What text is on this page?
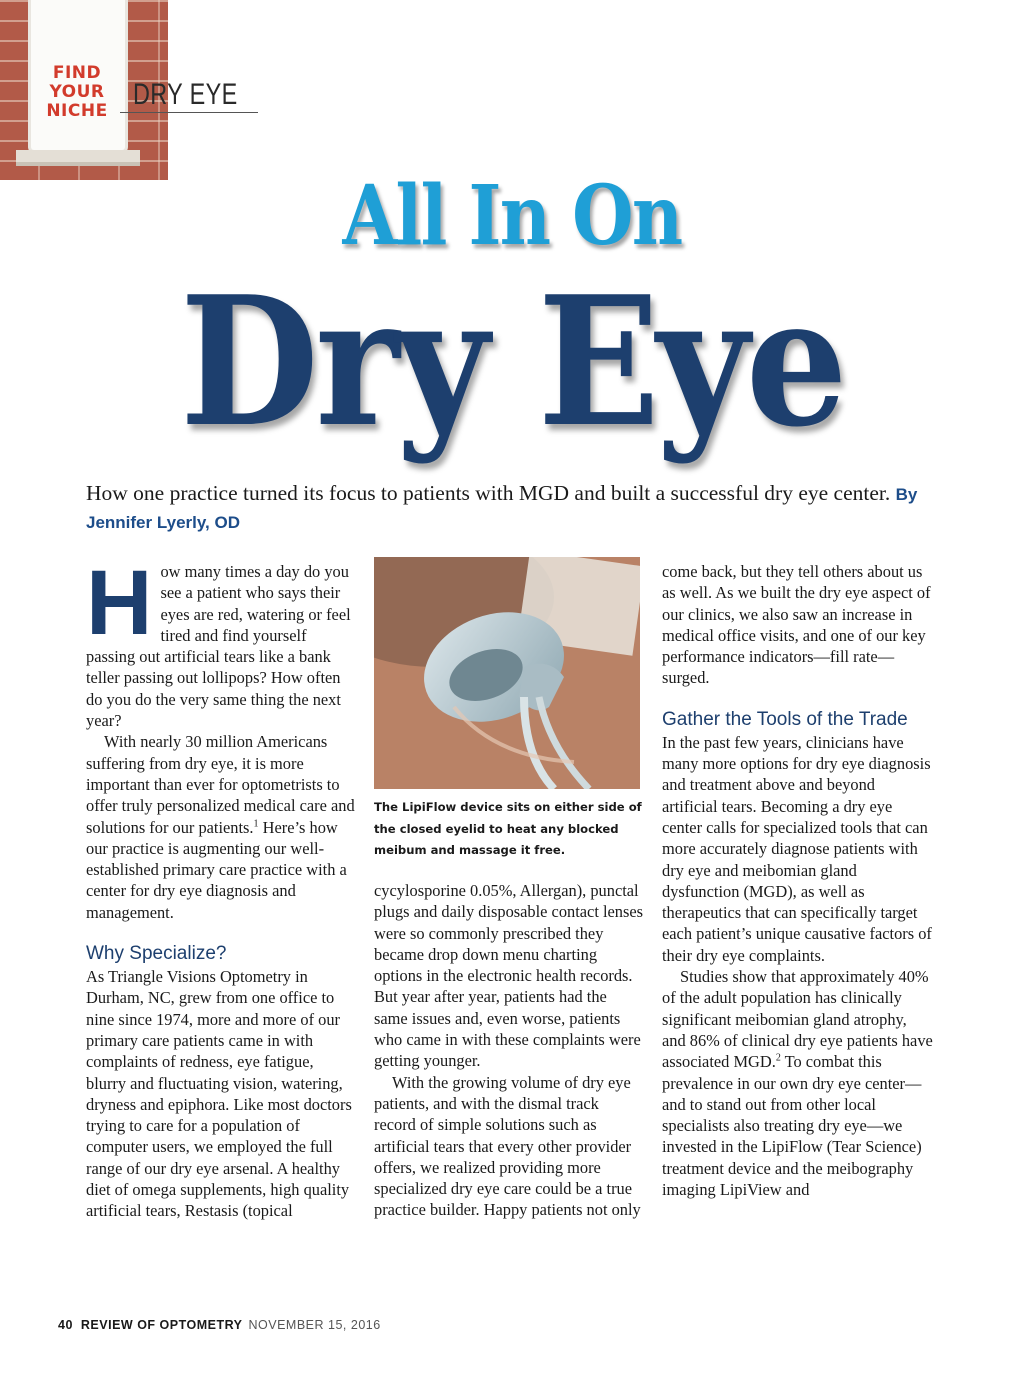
FIND
YOUR
NICHE DRY EYE
All In On
Dry Eye
How one practice turned its focus to patients with MGD and built a successful dry eye center. By Jennifer Lyerly, OD

How many times a day do you see a patient who says their eyes are red, watering or feel tired and find yourself passing out artificial tears like a bank teller passing out lollipops? How often do you do the very same thing the next year?

With nearly 30 million Americans suffering from dry eye, it is more important than ever for optometrists to offer truly personalized medical care and solutions for our patients.$^1$ Here’s how our practice is augmenting our well-established primary care practice with a center for dry eye diagnosis and management.

Why Specialize?

As Triangle Visions Optometry in Durham, NC, grew from one office to nine since 1974, more and more of our primary care patients came in with complaints of redness, eye fatigue, blurry and fluctuating vision, watering, dryness and epiphora. Like most doctors trying to care for a population of computer users, we employed the full range of our dry eye arsenal. A healthy diet of omega supplements, high quality artificial tears, Restasis (topical

The LipiFlow device sits on either side of the closed eyelid to heat any blocked meibum and massage it free.

cycylosporine 0.05%, Allergan), punctal plugs and daily disposable contact lenses were so commonly prescribed they became drop down menu charting options in the electronic health records. But year after year, patients had the same issues and, even worse, patients who came in with these complaints were getting younger.

With the growing volume of dry eye patients, and with the dismal track record of simple solutions such as artificial tears that every other provider offers, we realized providing more specialized dry eye care could be a true practice builder. Happy patients not only

come back, but they tell others about us as well. As we built the dry eye aspect of our clinics, we also saw an increase in medical office visits, and one of our key performance indicators—fill rate—surged.

Gather the Tools of the Trade

In the past few years, clinicians have many more options for dry eye diagnosis and treatment above and beyond artificial tears. Becoming a dry eye center calls for specialized tools that can more accurately diagnose patients with dry eye and meibomian gland dysfunction (MGD), as well as therapeutics that can specifically target each patient’s unique causative factors of their dry eye complaints.

Studies show that approximately 40% of the adult population has clinically significant meibomian gland atrophy, and 86% of clinical dry eye patients have associated MGD.$^2$ To combat this prevalence in our own dry eye center—and to stand out from other local specialists also treating dry eye—we invested in the LipiFlow (Tear Science) treatment device and the meibography imaging LipiView and

40 REVIEW OF OPTOMETRY NOVEMBER 15, 2016
